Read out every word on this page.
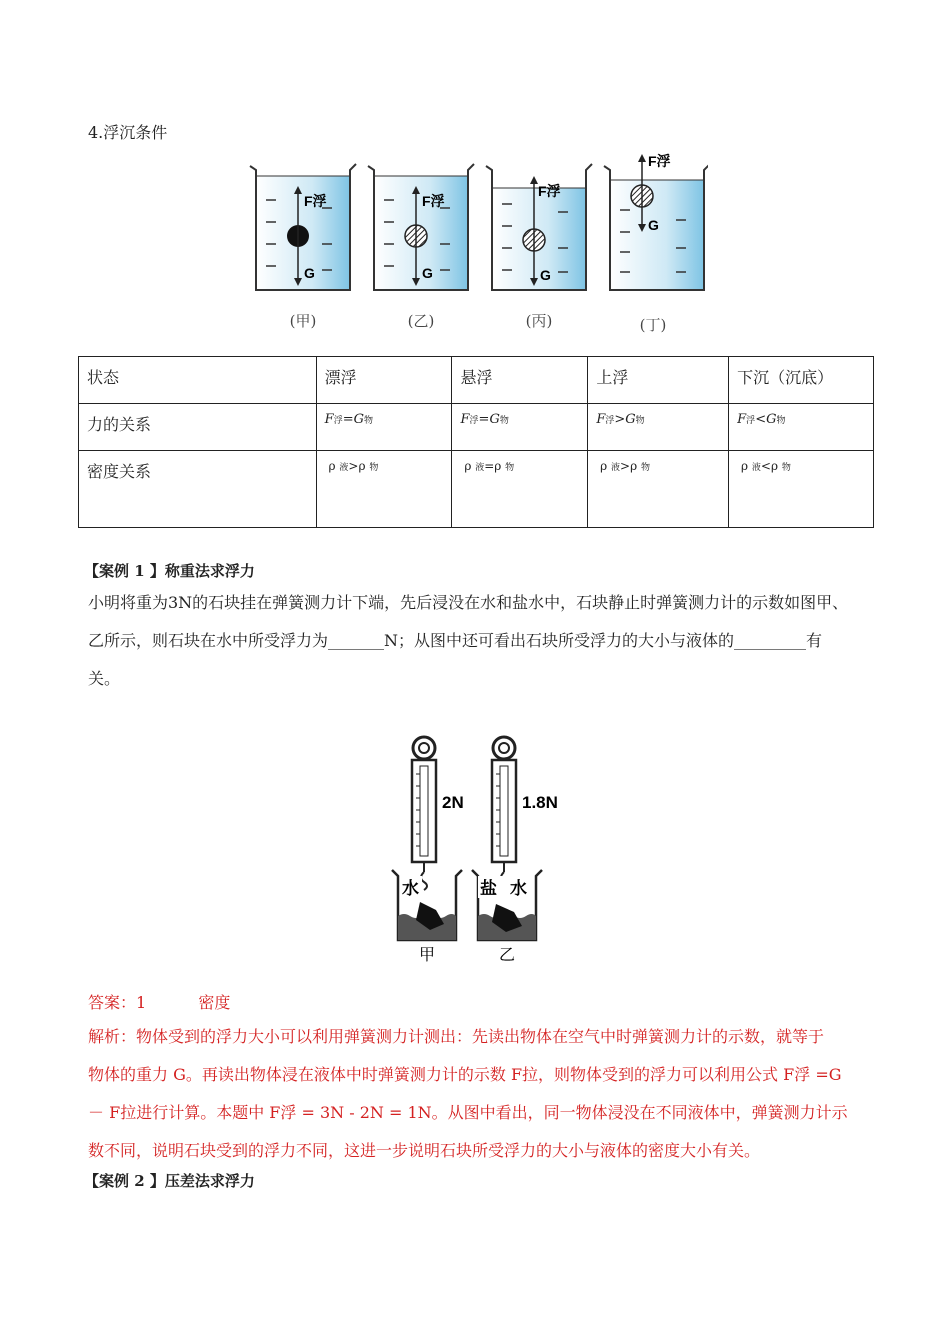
4.浮沉条件
F浮
G
F浮
G
F浮
G
F浮
G
(甲)	(乙)	(丙)	(丁)
状态	漂浮	悬浮	上浮	下沉（沉底）
力的关系	F浮=G物	F浮=G物	F浮>G物	F浮<G物
密度关系	ρ 液>ρ 物	ρ 液=ρ 物	ρ 液>ρ 物	ρ 液<ρ 物
【案例 1 】称重法求浮力
小明将重为3N的石块挂在弹簧测力计下端，先后浸没在水和盐水中，石块静止时弹簧测力计的示数如图甲、
乙所示，则石块在水中所受浮力为_______N；从图中还可看出石块所受浮力的大小与液体的_________有
关。
2N
水
甲
1.8N
盐 水
乙
答案：1	密度
解析：物体受到的浮力大小可以利用弹簧测力计测出：先读出物体在空气中时弹簧测力计的示数，就等于
物体的重力 G。再读出物体浸在液体中时弹簧测力计的示数 F拉，则物体受到的浮力可以利用公式 F浮 =G
－ F拉进行计算。本题中 F浮 = 3N - 2N = 1N。从图中看出，同一物体浸没在不同液体中，弹簧测力计示
数不同，说明石块受到的浮力不同，这进一步说明石块所受浮力的大小与液体的密度大小有关。
【案例 2 】压差法求浮力
